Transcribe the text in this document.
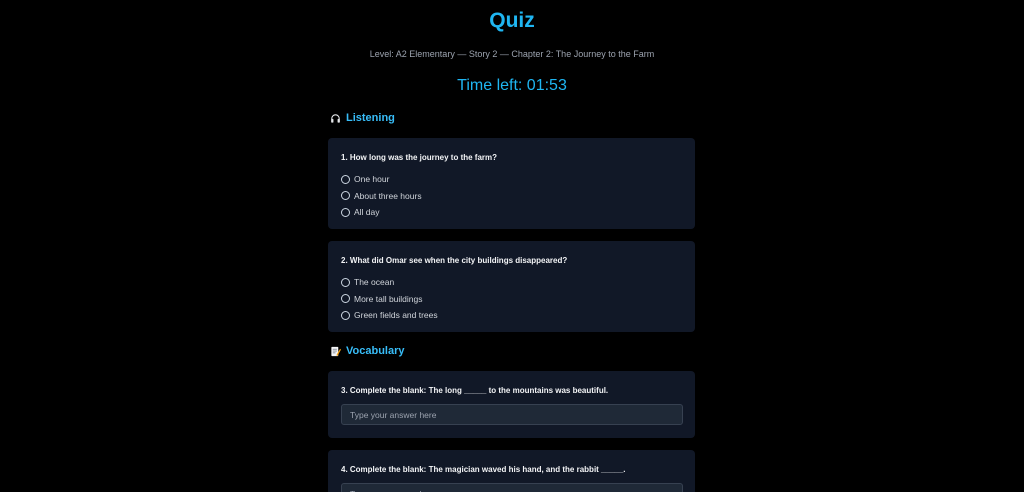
Quiz
Level: A2 Elementary — Story 2 — Chapter 2: The Journey to the Farm
Time left: 01:53
Listening

1. How long was the journey to the farm?

One hour
About three hours
All day

2. What did Omar see when the city buildings disappeared?

The ocean
More tall buildings
Green fields and trees
Vocabulary

3. Complete the blank: The long _____ to the mountains was beautiful.

Type your answer here

4. Complete the blank: The magician waved his hand, and the rabbit _____.

Type your answer here
